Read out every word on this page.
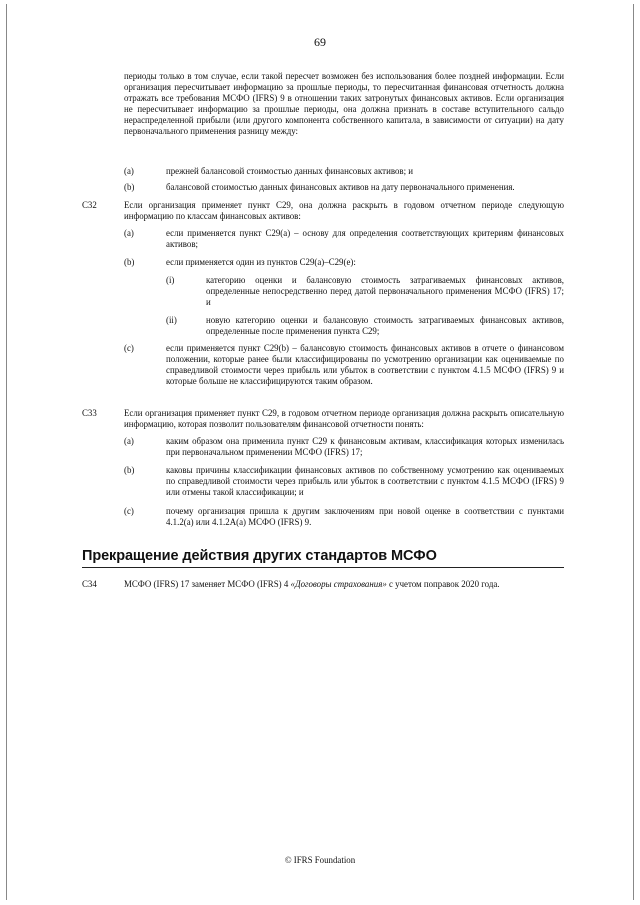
69

периоды только в том случае, если такой пересчет возможен без использования более поздней информации. Если организация пересчитывает информацию за прошлые периоды, то пересчитанная финансовая отчетность должна отражать все требования МСФО (IFRS) 9 в отношении таких затронутых финансовых активов. Если организация не пересчитывает информацию за прошлые периоды, она должна признать в составе вступительного сальдо нераспределенной прибыли (или другого компонента собственного капитала, в зависимости от ситуации) на дату первоначального применения разницу между:

(a)	прежней балансовой стоимостью данных финансовых активов; и
(b)	балансовой стоимостью данных финансовых активов на дату первоначального применения.
C32	Если организация применяет пункт C29, она должна раскрыть в годовом отчетном периоде следующую информацию по классам финансовых активов:
(a)	если применяется пункт C29(a) – основу для определения соответствующих критериям финансовых активов;
(b)	если применяется один из пунктов C29(a)–C29(e):
(i)	категорию оценки и балансовую стоимость затрагиваемых финансовых активов, определенные непосредственно перед датой первоначального применения МСФО (IFRS) 17; и
(ii)	новую категорию оценки и балансовую стоимость затрагиваемых финансовых активов, определенные после применения пункта C29;
(c)	если применяется пункт C29(b) – балансовую стоимость финансовых активов в отчете о финансовом положении, которые ранее были классифицированы по усмотрению организации как оцениваемые по справедливой стоимости через прибыль или убыток в соответствии с пунктом 4.1.5 МСФО (IFRS) 9 и которые больше не классифицируются таким образом.
C33	Если организация применяет пункт C29, в годовом отчетном периоде организация должна раскрыть описательную информацию, которая позволит пользователям финансовой отчетности понять:
(a)	каким образом она применила пункт C29 к финансовым активам, классификация которых изменилась при первоначальном применении МСФО (IFRS) 17;
(b)	каковы причины классификации финансовых активов по собственному усмотрению как оцениваемых по справедливой стоимости через прибыль или убыток в соответствии с пунктом 4.1.5 МСФО (IFRS) 9 или отмены такой классификации; и
(c)	почему организация пришла к другим заключениям при новой оценке в соответствии с пунктами 4.1.2(a) или 4.1.2A(a) МСФО (IFRS) 9.
Прекращение действия других стандартов МСФО
C34	МСФО (IFRS) 17 заменяет МСФО (IFRS) 4 «Договоры страхования» с учетом поправок 2020 года.
© IFRS Foundation
